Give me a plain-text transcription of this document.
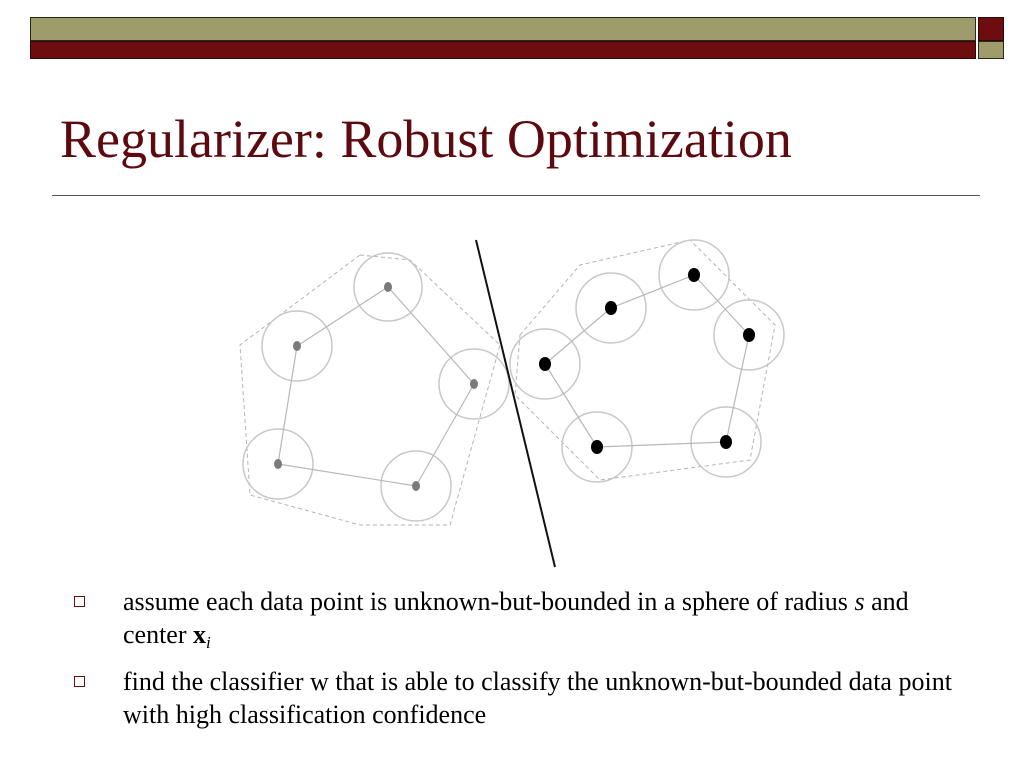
Regularizer: Robust Optimization
assume each data point is unknown-but-bounded in a sphere of radius s and center xi
find the classifier w that is able to classify the unknown-but-bounded data point with high classification confidence
